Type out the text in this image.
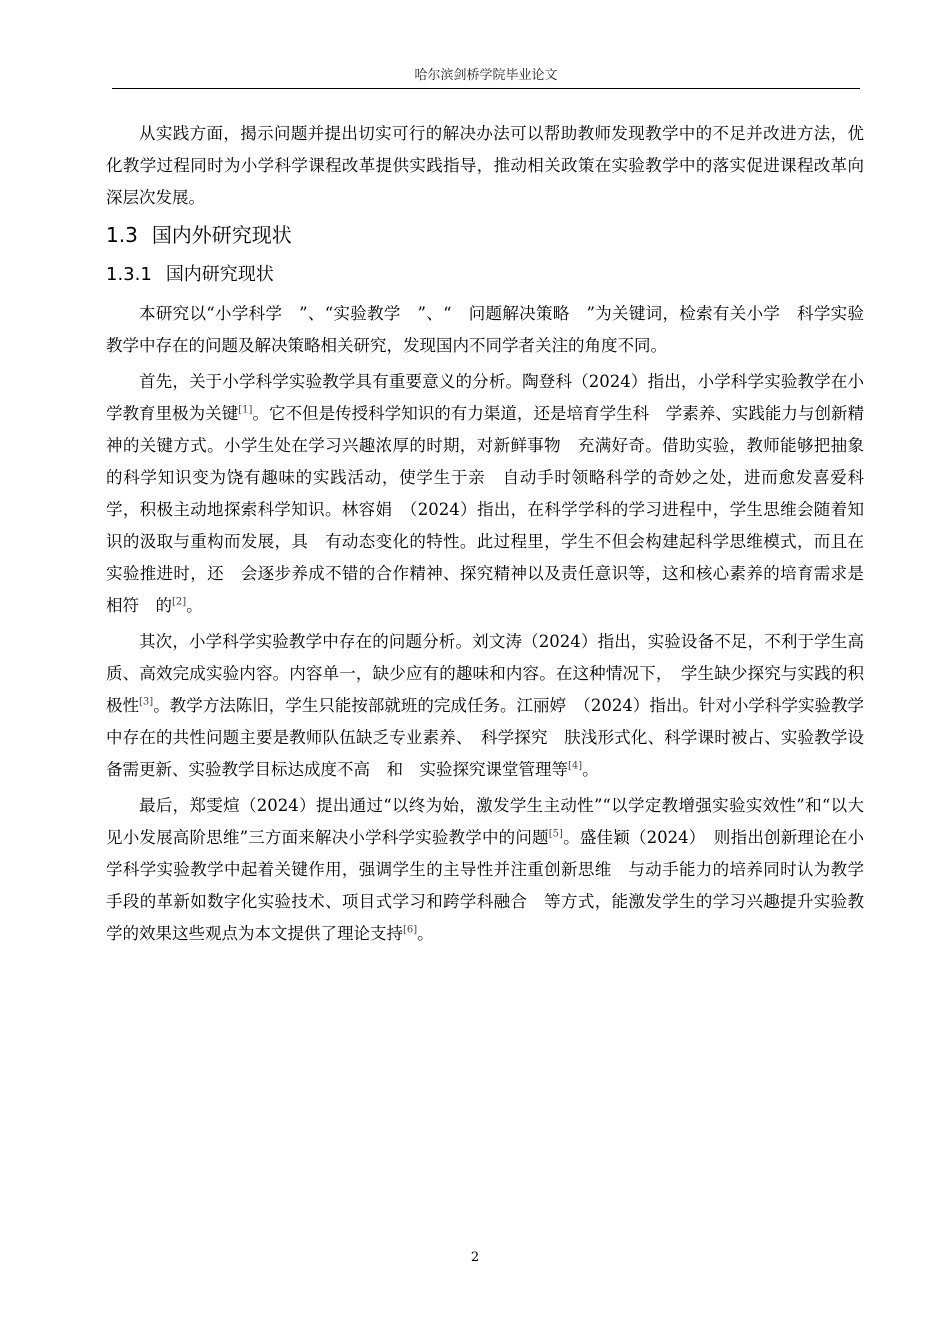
哈尔滨剑桥学院毕业论文

从实践方面，揭示问题并提出切实可行的解决办法可以帮助教师发现教学中的不足并改进方法，优化教学过程同时为小学科学课程改革提供实践指导，推动相关政策在实验教学中的落实促进课程改革向深层次发展。

1.3 国内外研究现状
1.3.1 国内研究现状

本研究以“小学科学　”、“实验教学　”、“　问题解决策略　”为关键词，检索有关小学　科学实验教学中存在的问题及解决策略相关研究，发现国内不同学者关注的角度不同。

首先，关于小学科学实验教学具有重要意义的分析。陶登科（2024）指出，小学科学实验教学在小学教育里极为关键[1]。它不但是传授科学知识的有力渠道，还是培育学生科　学素养、实践能力与创新精神的关键方式。小学生处在学习兴趣浓厚的时期，对新鲜事物　充满好奇。借助实验，教师能够把抽象的科学知识变为饶有趣味的实践活动，使学生于亲　自动手时领略科学的奇妙之处，进而愈发喜爱科学，积极主动地探索科学知识。林容娟　（2024）指出，在科学学科的学习进程中，学生思维会随着知识的汲取与重构而发展，具　有动态变化的特性。此过程里，学生不但会构建起科学思维模式，而且在实验推进时，还　会逐步养成不错的合作精神、探究精神以及责任意识等，这和核心素养的培育需求是相符　的[2]。

其次，小学科学实验教学中存在的问题分析。刘文涛（2024）指出，实验设备不足，不利于学生高质、高效完成实验内容。内容单一，缺少应有的趣味和内容。在这种情况下，　学生缺少探究与实践的积极性[3]。教学方法陈旧，学生只能按部就班的完成任务。江丽婷　（2024）指出。针对小学科学实验教学中存在的共性问题主要是教师队伍缺乏专业素养、　科学探究　肤浅形式化、科学课时被占、实验教学设备需更新、实验教学目标达成度不高　和　实验探究课堂管理等[4]。

最后，郑雯煊（2024）提出通过“以终为始，激发学生主动性”“以学定教增强实验实效性”和“以大见小发展高阶思维”三方面来解决小学科学实验教学中的问题[5]。盛佳颖（2024）　则指出创新理论在小学科学实验教学中起着关键作用，强调学生的主导性并注重创新思维　与动手能力的培养同时认为教学手段的革新如数字化实验技术、项目式学习和跨学科融合　等方式，能激发学生的学习兴趣提升实验教学的效果这些观点为本文提供了理论支持[6]。

2
